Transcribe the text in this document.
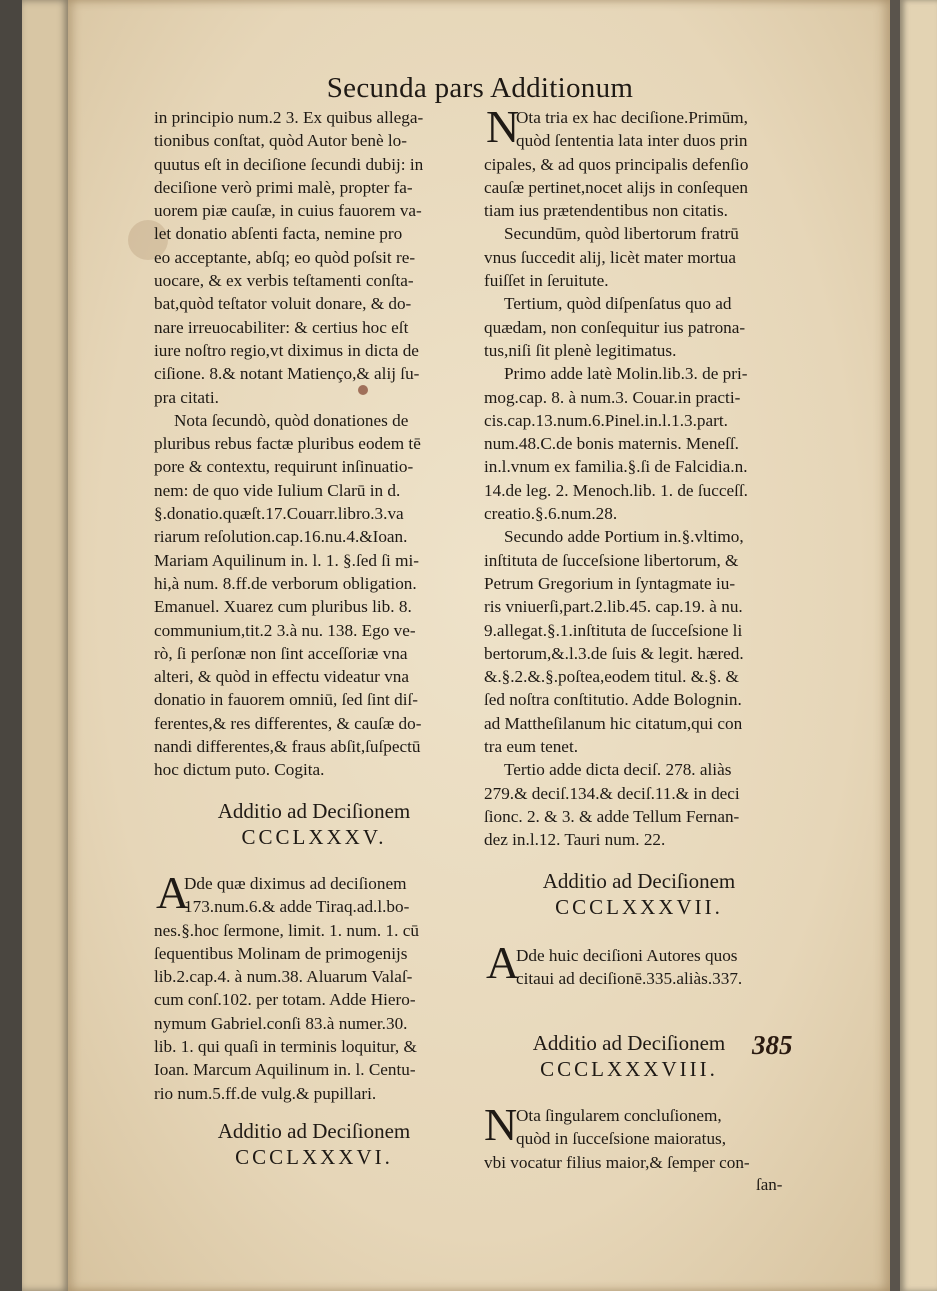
Secunda pars Additionum
in principio num.2 3. Ex quibus allega-
tionibus conſtat, quòd Autor benè lo-
quutus eſt in deciſione ſecundi dubij: in
deciſione verò primi malè, propter fa-
uorem piæ cauſæ, in cuius fauorem va-
let donatio abſenti facta, nemine pro
eo acceptante, abſq; eo quòd poſsit re-
uocare, & ex verbis teſtamenti conſta-
bat,quòd teſtator voluit donare, & do-
nare irreuocabiliter: & certius hoc eſt
iure noſtro regio,vt diximus in dicta de
ciſione. 8.& notant Matienço,& alij ſu-
pra citati.
Nota ſecundò, quòd donationes de
pluribus rebus factæ pluribus eodem tē
pore & contextu, requirunt inſinuatio-
nem: de quo vide Iulium Clarū in d.
§.donatio.quæſt.17.Couarr.libro.3.va
riarum reſolution.cap.16.nu.4.&Ioan.
Mariam Aquilinum in. l. 1. §.ſed ſi mi-
hi,à num. 8.ff.de verborum obligation.
Emanuel. Xuarez cum pluribus lib. 8.
communium,tit.2 3.à nu. 138. Ego ve-
rò, ſi perſonæ non ſint acceſſoriæ vna
alteri, & quòd in effectu videatur vna
donatio in fauorem omniū, ſed ſint diſ-
ferentes,& res differentes, & cauſæ do-
nandi differentes,& fraus abſit,ſuſpectū
hoc dictum puto. Cogita.
Additio ad Deciſionem
CCCLXXXV.
A
Dde quæ diximus ad deciſionem
173.num.6.& adde Tiraq.ad.l.bo-
nes.§.hoc ſermone, limit. 1. num. 1. cū
ſequentibus Molinam de primogenijs
lib.2.cap.4. à num.38. Aluarum Valaſ-
cum conſ.102. per totam. Adde Hiero-
nymum Gabriel.conſi 83.à numer.30.
lib. 1. qui quaſi in terminis loquitur, &
Ioan. Marcum Aquilinum in. l. Centu-
rio num.5.ff.de vulg.& pupillari.
Additio ad Deciſionem
CCCLXXXVI.
N
Ota tria ex hac deciſione.Primūm,
quòd ſententia lata inter duos prin
cipales, & ad quos principalis defenſio
cauſæ pertinet,nocet alijs in conſequen
tiam ius prætendentibus non citatis.
Secundūm, quòd libertorum fratrū
vnus ſuccedit alij, licèt mater mortua
fuiſſet in ſeruitute.
Tertium, quòd diſpenſatus quo ad
quædam, non conſequitur ius patrona-
tus,niſi ſit plenè legitimatus.
Primo adde latè Molin.lib.3. de pri-
mog.cap. 8. à num.3. Couar.in practi-
cis.cap.13.num.6.Pinel.in.l.1.3.part.
num.48.C.de bonis maternis. Meneſſ.
in.l.vnum ex familia.§.ſi de Falcidia.n.
14.de leg. 2. Menoch.lib. 1. de ſucceſſ.
creatio.§.6.num.28.
Secundo adde Portium in.§.vltimo,
inſtituta de ſucceſsione libertorum, &
Petrum Gregorium in ſyntagmate iu-
ris vniuerſi,part.2.lib.45. cap.19. à nu.
9.allegat.§.1.inſtituta de ſucceſsione li
bertorum,&.l.3.de ſuis & legit. hæred.
&.§.2.&.§.poſtea,eodem titul. &.§. &
ſed noſtra conſtitutio. Adde Bolognin.
ad Mattheſilanum hic citatum,qui con
tra eum tenet.
Tertio adde dicta deciſ. 278. aliàs
279.& deciſ.134.& deciſ.11.& in deci
ſionc. 2. & 3. & adde Tellum Fernan-
dez in.l.12. Tauri num. 22.
Additio ad Deciſionem
CCCLXXXVII.
A
Dde huic deciſioni Autores quos
citaui ad deciſionē.335.aliàs.337.
Additio ad Deciſionem
CCCLXXXVIII.
385
N
Ota ſingularem concluſionem,
quòd in ſucceſsione maioratus,
vbi vocatur filius maior,& ſemper con-
ſan-
